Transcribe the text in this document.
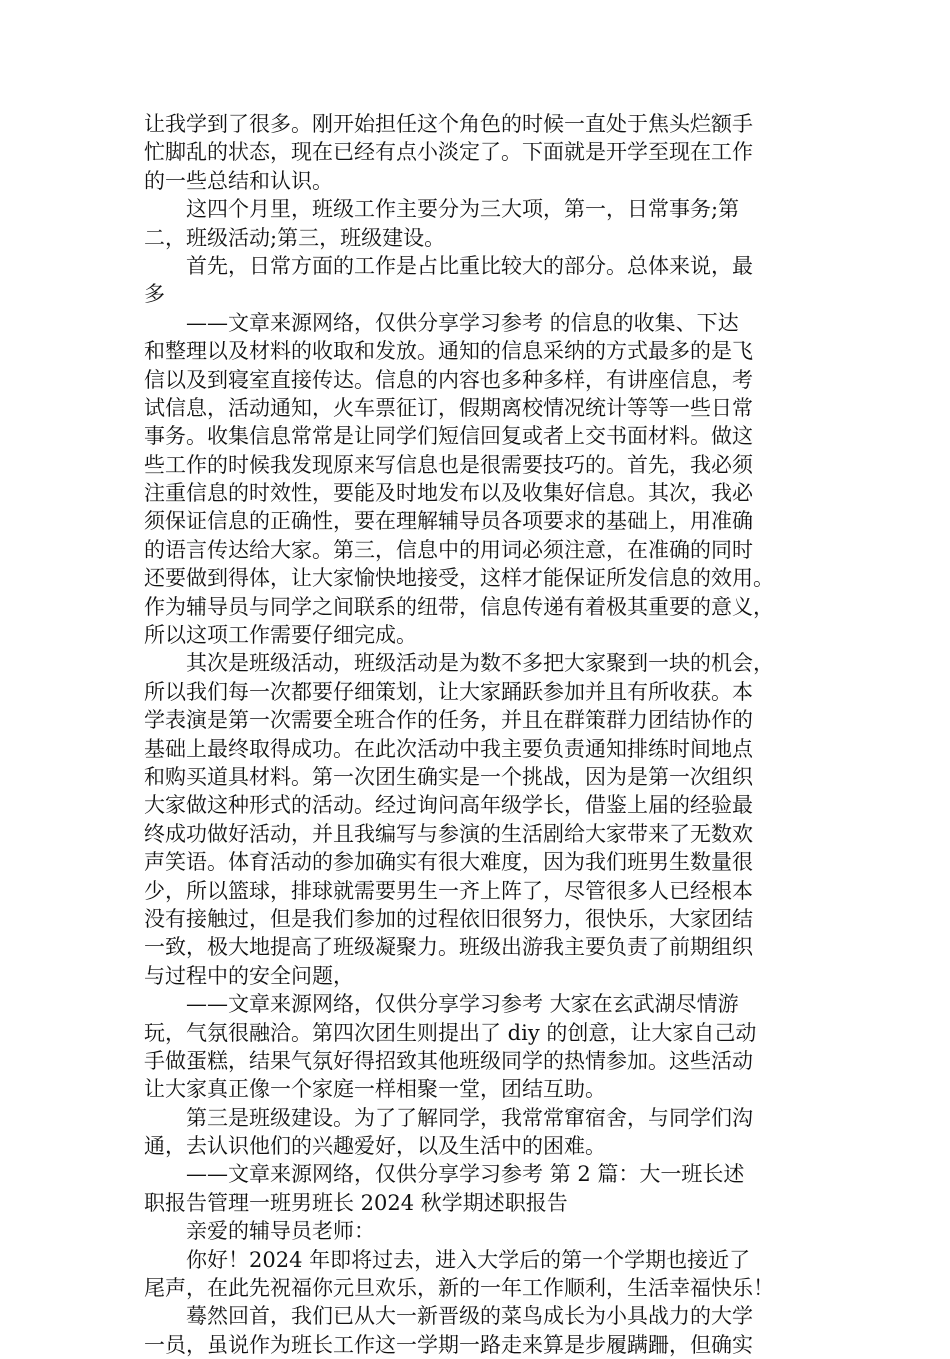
让我学到了很多。刚开始担任这个角色的时候一直处于焦头烂额手
忙脚乱的状态，现在已经有点小淡定了。下面就是开学至现在工作
的一些总结和认识。
　　这四个月里，班级工作主要分为三大项，第一，日常事务;第
二，班级活动;第三，班级建设。
　　首先，日常方面的工作是占比重比较大的部分。总体来说，最
多
　　——文章来源网络，仅供分享学习参考 的信息的收集、下达
和整理以及材料的收取和发放。通知的信息采纳的方式最多的是飞
信以及到寝室直接传达。信息的内容也多种多样，有讲座信息，考
试信息，活动通知，火车票征订，假期离校情况统计等等一些日常
事务。收集信息常常是让同学们短信回复或者上交书面材料。做这
些工作的时候我发现原来写信息也是很需要技巧的。首先，我必须
注重信息的时效性，要能及时地发布以及收集好信息。其次，我必
须保证信息的正确性，要在理解辅导员各项要求的基础上，用准确
的语言传达给大家。第三，信息中的用词必须注意，在准确的同时
还要做到得体，让大家愉快地接受，这样才能保证所发信息的效用。
作为辅导员与同学之间联系的纽带，信息传递有着极其重要的意义，
所以这项工作需要仔细完成。
　　其次是班级活动，班级活动是为数不多把大家聚到一块的机会，
所以我们每一次都要仔细策划，让大家踊跃参加并且有所收获。本
学表演是第一次需要全班合作的任务，并且在群策群力团结协作的
基础上最终取得成功。在此次活动中我主要负责通知排练时间地点
和购买道具材料。第一次团生确实是一个挑战，因为是第一次组织
大家做这种形式的活动。经过询问高年级学长，借鉴上届的经验最
终成功做好活动，并且我编写与参演的生活剧给大家带来了无数欢
声笑语。体育活动的参加确实有很大难度，因为我们班男生数量很
少，所以篮球，排球就需要男生一齐上阵了，尽管很多人已经根本
没有接触过，但是我们参加的过程依旧很努力，很快乐，大家团结
一致，极大地提高了班级凝聚力。班级出游我主要负责了前期组织
与过程中的安全问题，
　　——文章来源网络，仅供分享学习参考 大家在玄武湖尽情游
玩，气氛很融洽。第四次团生则提出了 diy 的创意，让大家自己动
手做蛋糕，结果气氛好得招致其他班级同学的热情参加。这些活动
让大家真正像一个家庭一样相聚一堂，团结互助。
　　第三是班级建设。为了了解同学，我常常窜宿舍，与同学们沟
通，去认识他们的兴趣爱好，以及生活中的困难。
　　——文章来源网络，仅供分享学习参考 第 2 篇：大一班长述
职报告管理一班男班长 2024 秋学期述职报告
　　亲爱的辅导员老师：
　　你好！2024 年即将过去，进入大学后的第一个学期也接近了
尾声，在此先祝福你元旦欢乐，新的一年工作顺利，生活幸福快乐！
　　蓦然回首，我们已从大一新晋级的菜鸟成长为小具战力的大学
一员，虽说作为班长工作这一学期一路走来算是步履蹒跚，但确实
